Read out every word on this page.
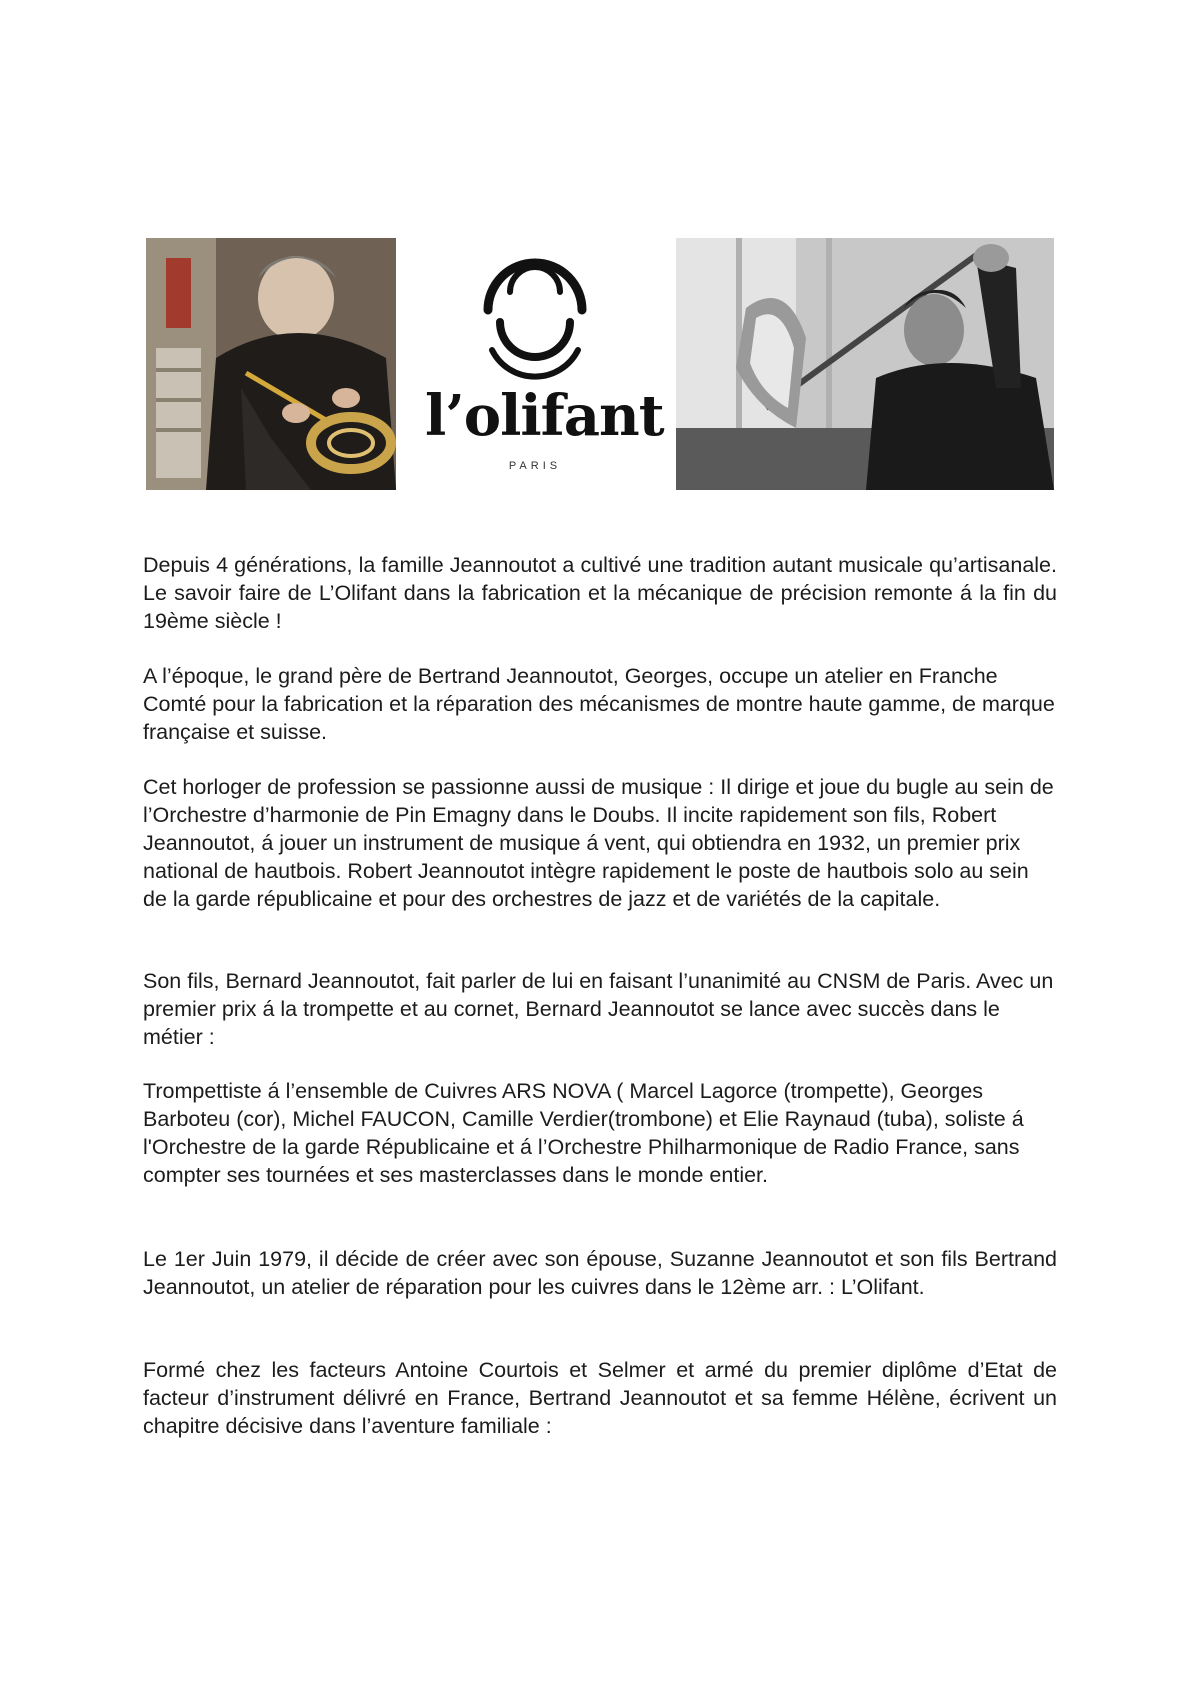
l’olifant
PARIS

Depuis 4 générations, la famille Jeannoutot a cultivé une tradition autant musicale qu’artisanale. Le savoir faire de L’Olifant dans la fabrication et la mécanique de précision remonte á la fin du 19ème siècle !

A l’époque, le grand père de Bertrand Jeannoutot, Georges, occupe un atelier en Franche Comté pour la fabrication et la réparation des mécanismes de montre haute gamme, de marque française et suisse.

Cet horloger de profession se passionne aussi de musique : Il dirige et joue du bugle au sein de l’Orchestre d’harmonie de Pin Emagny dans le Doubs. Il incite rapidement son fils, Robert Jeannoutot, á jouer un instrument de musique á vent, qui obtiendra en 1932, un premier prix national de hautbois. Robert Jeannoutot intègre rapidement le poste de hautbois solo au sein de la garde républicaine et pour des orchestres de jazz et de variétés de la capitale.

Son fils, Bernard Jeannoutot, fait parler de lui en faisant l’unanimité au CNSM de Paris. Avec un premier prix á la trompette et au cornet, Bernard Jeannoutot se lance avec succès dans le métier :

Trompettiste á l’ensemble de Cuivres ARS NOVA ( Marcel Lagorce (trompette), Georges Barboteu (cor), Michel FAUCON, Camille Verdier(trombone) et Elie Raynaud (tuba), soliste á l'Orchestre de la garde Républicaine et á l’Orchestre Philharmonique de Radio France, sans compter ses tournées et ses masterclasses dans le monde entier.

Le 1er Juin 1979, il décide de créer avec son épouse, Suzanne Jeannoutot et son fils Bertrand Jeannoutot, un atelier de réparation pour les cuivres dans le 12ème arr. : L’Olifant.

Formé chez les facteurs Antoine Courtois et Selmer et armé du premier diplôme d’Etat de facteur d’instrument délivré en France, Bertrand Jeannoutot et sa femme Hélène, écrivent un chapitre décisive dans l’aventure familiale :
